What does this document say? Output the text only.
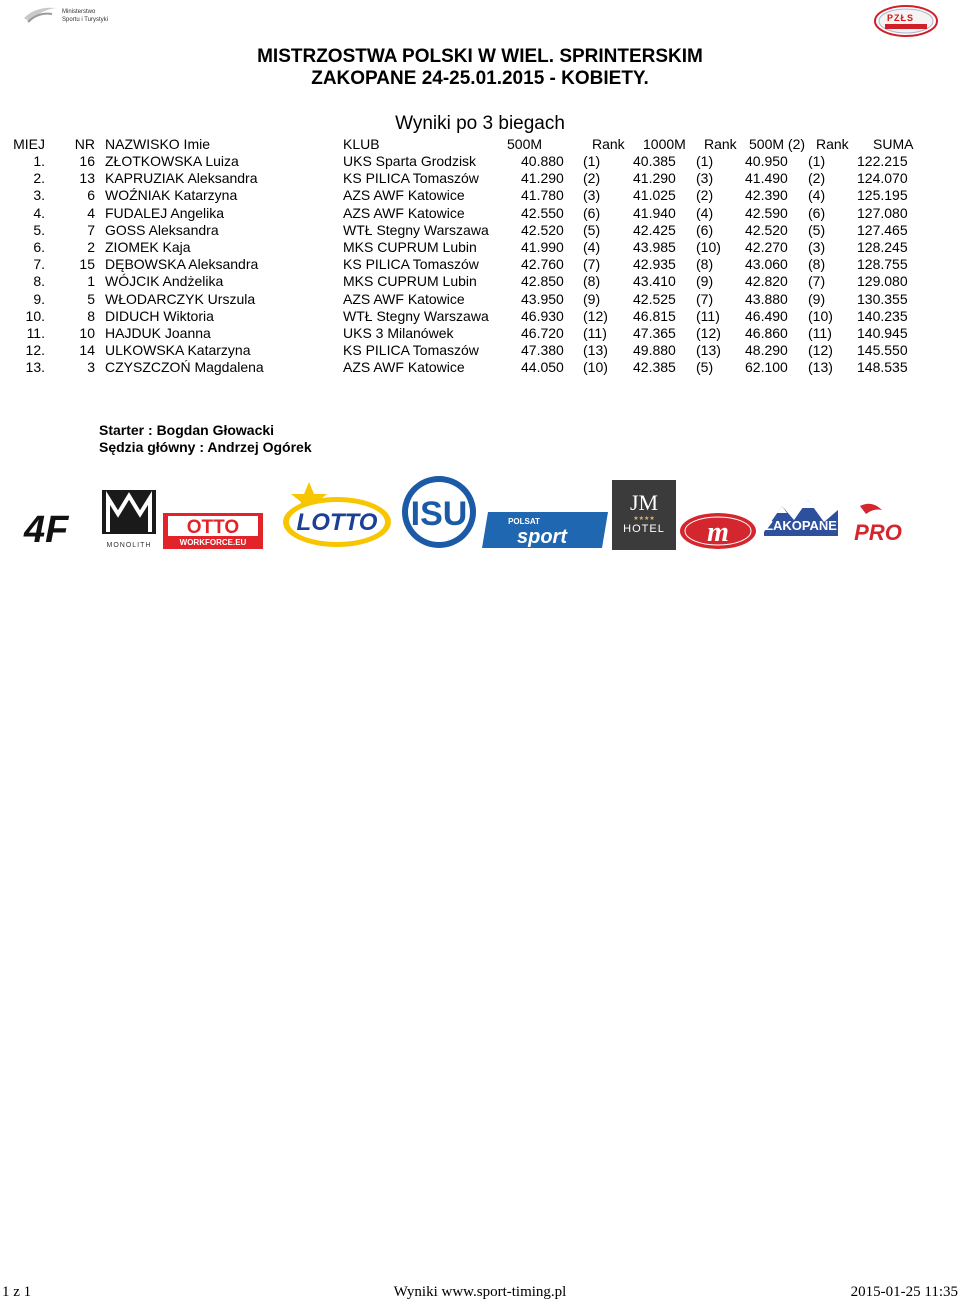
Ministerstwo
Sportu i Turystyki	PZŁS
MISTRZOSTWA POLSKI W WIEL. SPRINTERSKIM
ZAKOPANE 24-25.01.2015 - KOBIETY.
Wyniki po 3 biegach
MIEJ NR NAZWISKO Imie	KLUB	500M	Rank 1000M Rank 500M (2) Rank SUMA
1. 16 ZŁOTKOWSKA Luiza	UKS Sparta Grodzisk	40.880 (1) 40.385 (1) 40.950 (1) 122.215
2. 13 KAPRUZIAK Aleksandra	KS PILICA Tomaszów	41.290 (2) 41.290 (3) 41.490 (2) 124.070
3.	6 WOŹNIAK Katarzyna	AZS AWF Katowice	41.780 (3) 41.025 (2) 42.390 (4) 125.195
4.	4 FUDALEJ Angelika	AZS AWF Katowice	42.550 (6) 41.940 (4) 42.590 (6) 127.080
5.	7 GOSS Aleksandra	WTŁ Stegny Warszawa 42.520 (5) 42.425 (6) 42.520 (5) 127.465
6.	2 ZIOMEK Kaja	MKS CUPRUM Lubin	41.990 (4) 43.985 (10) 42.270 (3) 128.245
7. 15 DĘBOWSKA Aleksandra	KS PILICA Tomaszów	42.760 (7) 42.935 (8) 43.060 (8) 128.755
8.	1 WÓJCIK Andżelika	MKS CUPRUM Lubin	42.850 (8) 43.410 (9) 42.820 (7) 129.080
9.	5 WŁODARCZYK Urszula	AZS AWF Katowice	43.950 (9) 42.525 (7) 43.880 (9) 130.355
10.	8 DIDUCH Wiktoria	WTŁ Stegny Warszawa 46.930 (12) 46.815 (11) 46.490 (10) 140.235
11. 10 HAJDUK Joanna	UKS 3 Milanówek	46.720 (11) 47.365 (12) 46.860 (11) 140.945
12. 14 ULKOWSKA Katarzyna	KS PILICA Tomaszów	47.380 (13) 49.880 (13) 48.290 (12) 145.550
13.	3 CZYSZCZOŃ Magdalena	AZS AWF Katowice	44.050 (10) 42.385 (5) 62.100 (13) 148.535
Starter : Bogdan Głowacki
Sędzia główny : Andrzej Ogórek
4F	MONOLITH
OTTO
WORKFORCE.EU
LOTTO ISU	POLSAT
sport
JM
★★★★
HOTEL m	ZAKOPANE PRO
1 z 1	Wyniki www.sport-timing.pl	2015-01-25 11:35
